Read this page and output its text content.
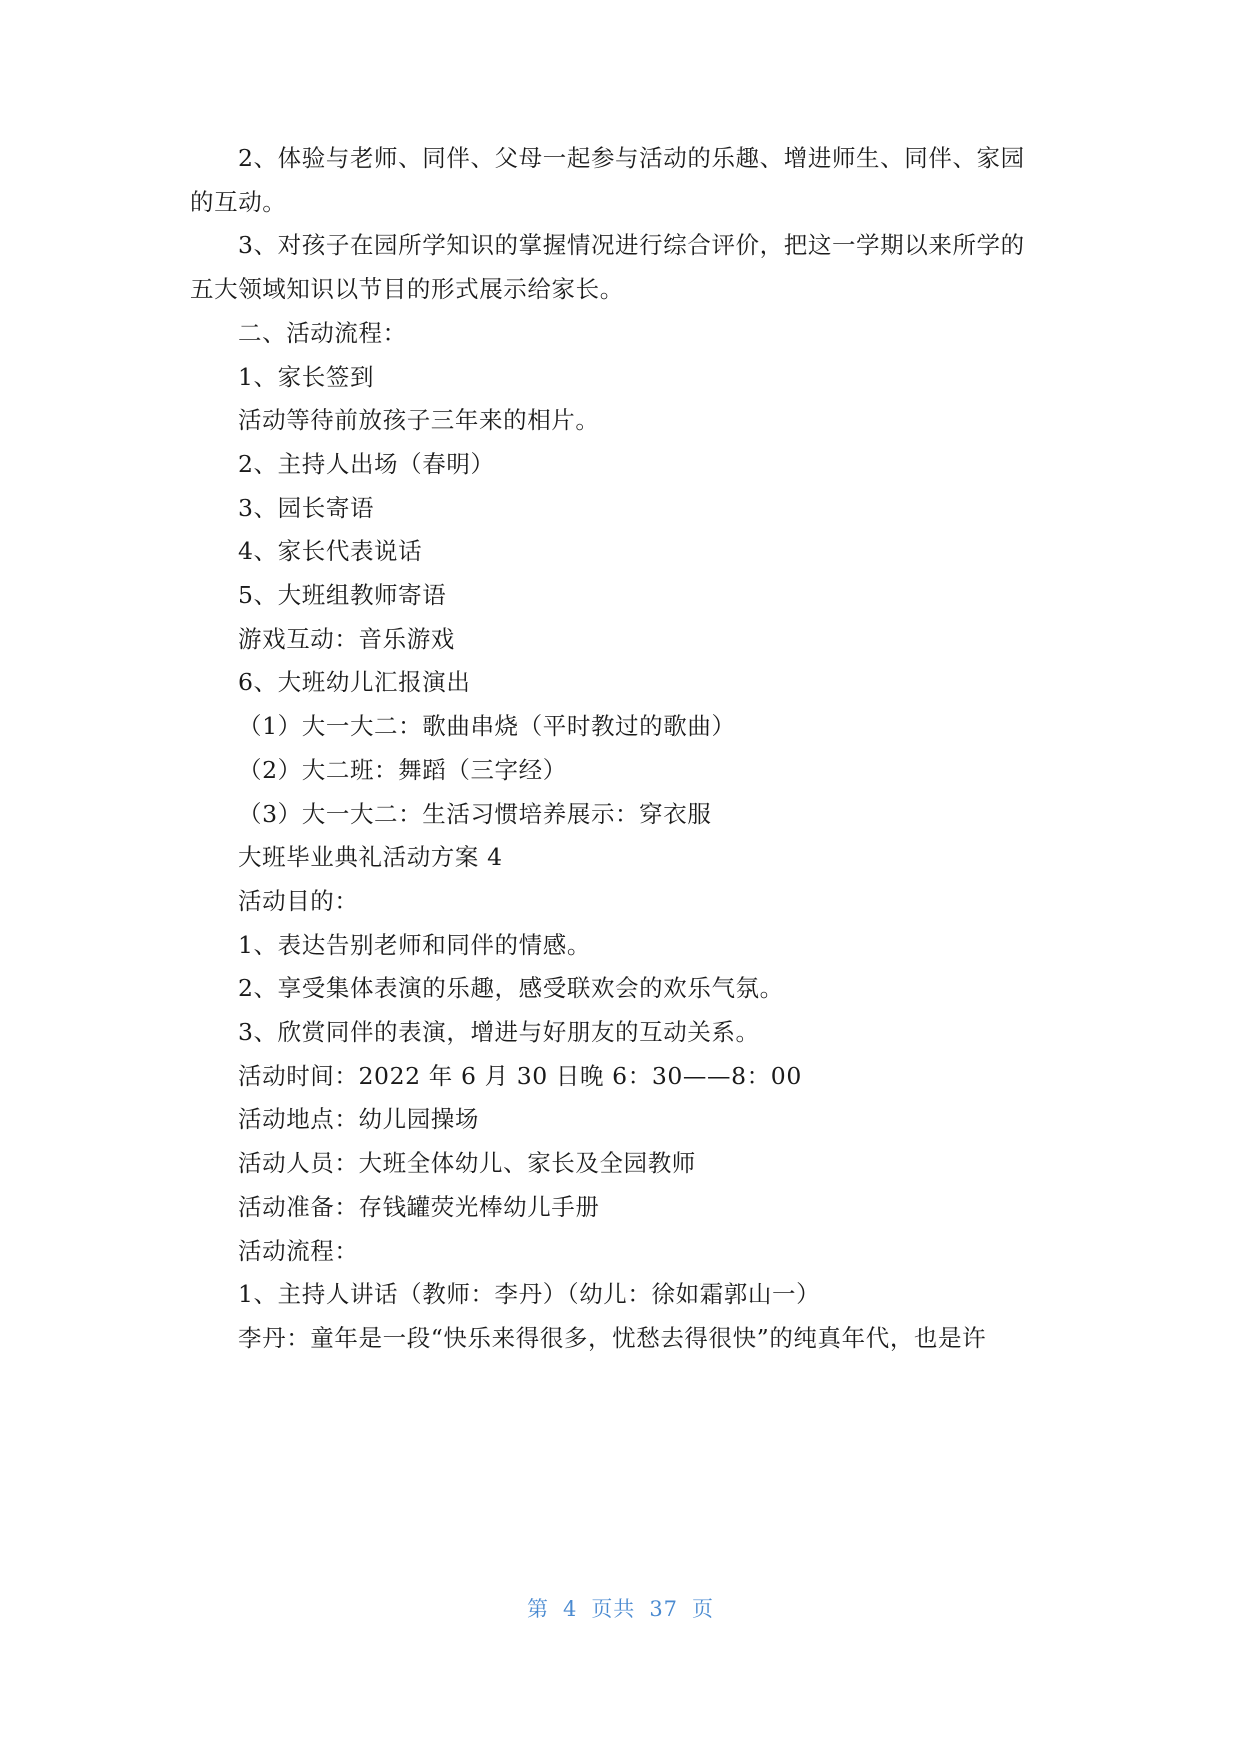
2、体验与老师、同伴、父母一起参与活动的乐趣、增进师生、同伴、家园
的互动。
3、对孩子在园所学知识的掌握情况进行综合评价，把这一学期以来所学的
五大领域知识以节目的形式展示给家长。
二、活动流程：
1、家长签到
活动等待前放孩子三年来的相片。
2、主持人出场（春明）
3、园长寄语
4、家长代表说话
5、大班组教师寄语
游戏互动：音乐游戏
6、大班幼儿汇报演出
（1）大一大二：歌曲串烧（平时教过的歌曲）
（2）大二班：舞蹈（三字经）
（3）大一大二：生活习惯培养展示：穿衣服
大班毕业典礼活动方案 4
活动目的：
1、表达告别老师和同伴的情感。
2、享受集体表演的乐趣，感受联欢会的欢乐气氛。
3、欣赏同伴的表演，增进与好朋友的互动关系。
活动时间：2022 年 6 月 30 日晚 6：30——8：00
活动地点：幼儿园操场
活动人员：大班全体幼儿、家长及全园教师
活动准备：存钱罐荧光棒幼儿手册
活动流程：
1、主持人讲话（教师：李丹）（幼儿：徐如霜郭山一）
李丹：童年是一段“快乐来得很多，忧愁去得很快”的纯真年代，也是许
第 4 页共 37 页
